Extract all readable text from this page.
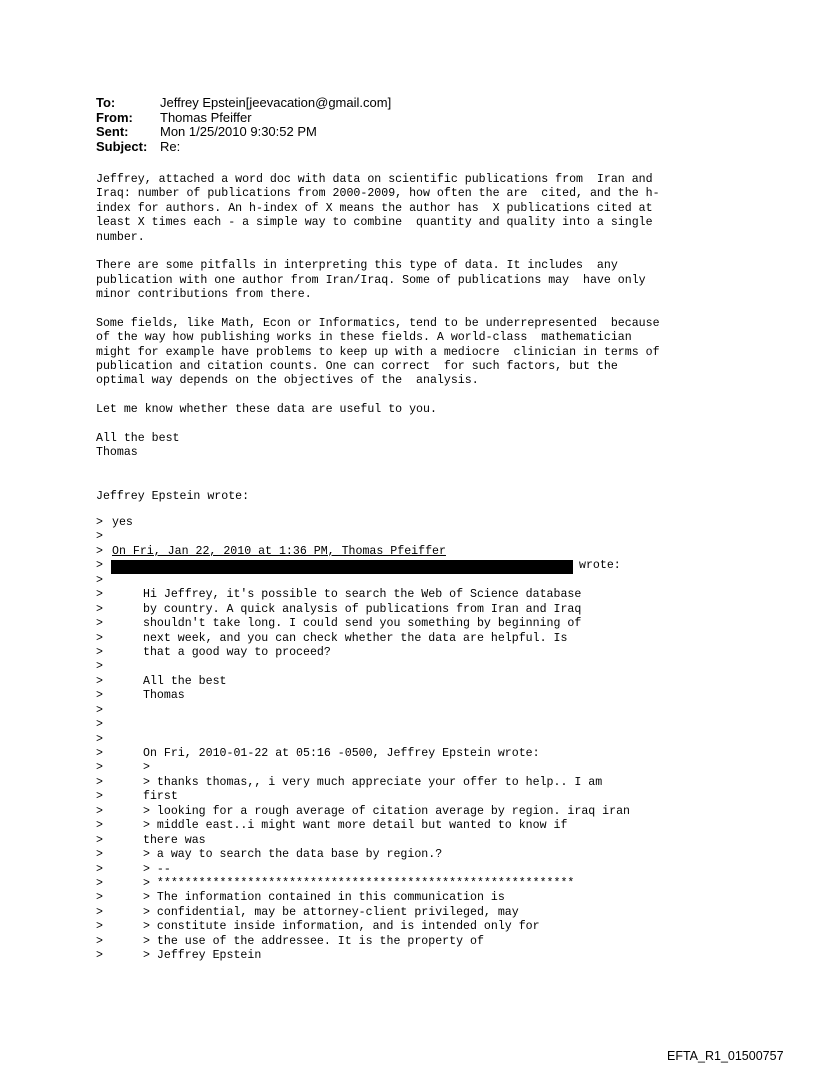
To:	Jeffrey Epstein[jeevacation@gmail.com]
From:	Thomas Pfeiffer
Sent:	Mon 1/25/2010 9:30:52 PM
Subject: Re:
Jeffrey, attached a word doc with data on scientific publications from  Iran and
Iraq: number of publications from 2000-2009, how often the are  cited, and the h-
index for authors. An h-index of X means the author has  X publications cited at
least X times each - a simple way to combine  quantity and quality into a single
number.
There are some pitfalls in interpreting this type of data. It includes  any
publication with one author from Iran/Iraq. Some of publications may  have only
minor contributions from there.
Some fields, like Math, Econ or Informatics, tend to be underrepresented  because
of the way how publishing works in these fields. A world-class  mathematician
might for example have problems to keep up with a mediocre  clinician in terms of
publication and citation counts. One can correct  for such factors, but the
optimal way depends on the objectives of the  analysis.
Let me know whether these data are useful to you.
All the best
Thomas
Jeffrey Epstein wrote:
> yes
>
> On Fri, Jan 22, 2010 at 1:36 PM, Thomas Pfeiffer
>	wrote:
>
>	Hi Jeffrey, it's possible to search the Web of Science database
>	by country. A quick analysis of publications from Iran and Iraq
>	shouldn't take long. I could send you something by beginning of
>	next week, and you can check whether the data are helpful. Is
>	that a good way to proceed?
>
>	All the best
>	Thomas
>
>
>
>	On Fri, 2010-01-22 at 05:16 -0500, Jeffrey Epstein wrote:
>	>
>	> thanks thomas,, i very much appreciate your offer to help.. I am
>	first
>	> looking for a rough average of citation average by region. iraq iran
>	> middle east..i might want more detail but wanted to know if
>	there was
>	> a way to search the data base by region.?
>	> --
>	> ************************************************************
>	> The information contained in this communication is
>	> confidential, may be attorney-client privileged, may
>	> constitute inside information, and is intended only for
>	> the use of the addressee. It is the property of
>	> Jeffrey Epstein
EFTA_R1_01500757
